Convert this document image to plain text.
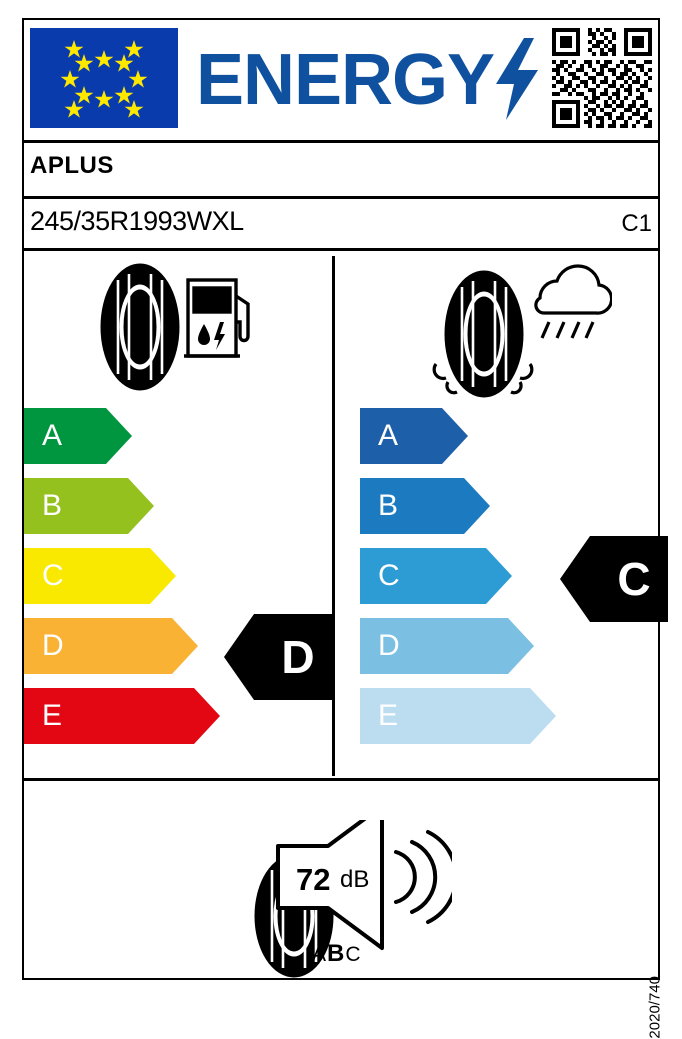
ENERGY
APLUS
245/35R1993WXL	C1
A
B
C
D
E
A
B
C
D
E
D
C
72 dB
ABC
2020/740
